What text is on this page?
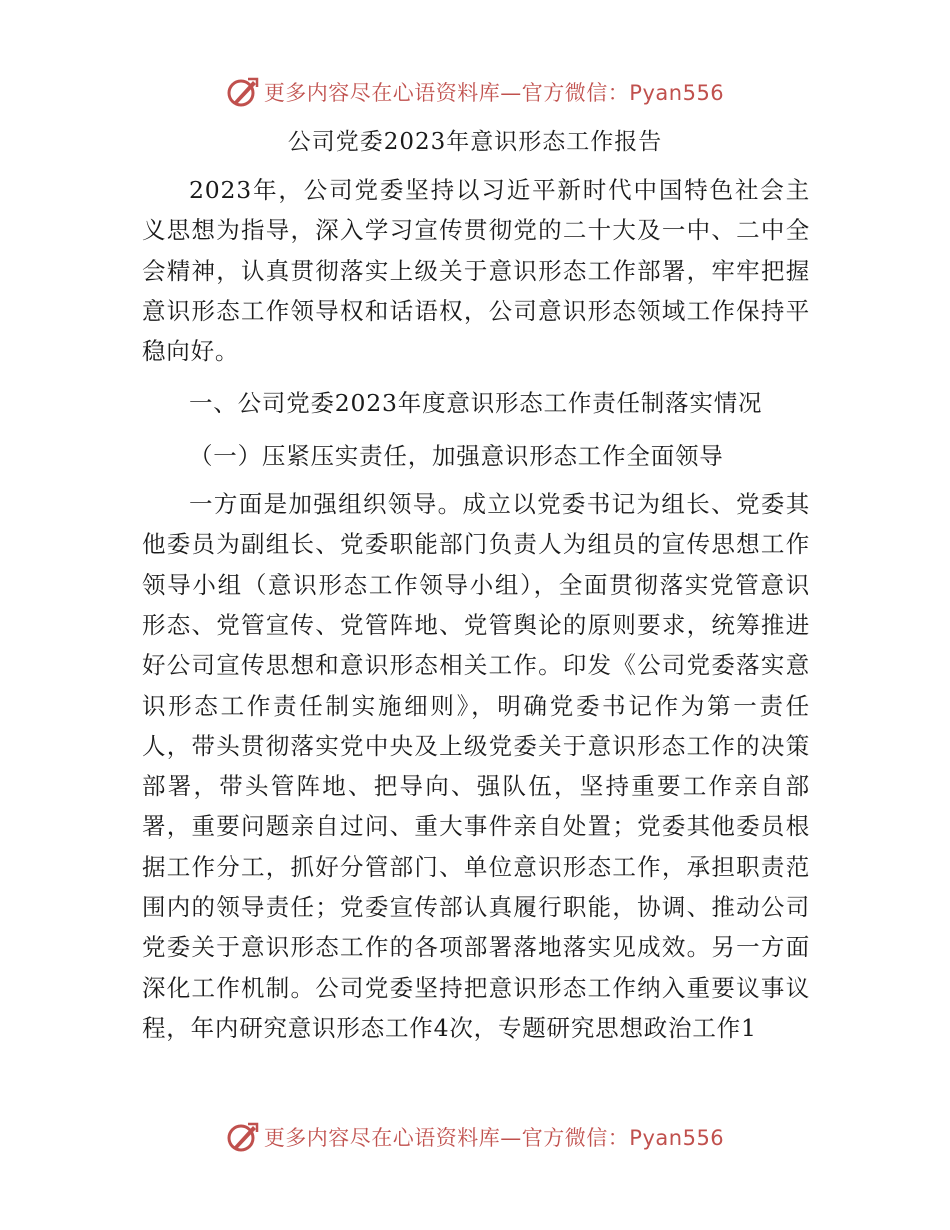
更多内容尽在心语资料库—官方微信：Pyan556
公司党委2023年意识形态工作报告

2023年，公司党委坚持以习近平新时代中国特色社会主义思想为指导，深入学习宣传贯彻党的二十大及一中、二中全会精神，认真贯彻落实上级关于意识形态工作部署，牢牢把握意识形态工作领导权和话语权，公司意识形态领域工作保持平稳向好。

一、公司党委2023年度意识形态工作责任制落实情况

（一）压紧压实责任，加强意识形态工作全面领导

一方面是加强组织领导。成立以党委书记为组长、党委其他委员为副组长、党委职能部门负责人为组员的宣传思想工作领导小组（意识形态工作领导小组），全面贯彻落实党管意识形态、党管宣传、党管阵地、党管舆论的原则要求，统筹推进好公司宣传思想和意识形态相关工作。印发《公司党委落实意识形态工作责任制实施细则》，明确党委书记作为第一责任人，带头贯彻落实党中央及上级党委关于意识形态工作的决策部署，带头管阵地、把导向、强队伍，坚持重要工作亲自部署，重要问题亲自过问、重大事件亲自处置；党委其他委员根据工作分工，抓好分管部门、单位意识形态工作，承担职责范围内的领导责任；党委宣传部认真履行职能，协调、推动公司党委关于意识形态工作的各项部署落地落实见成效。另一方面深化工作机制。公司党委坚持把意识形态工作纳入重要议事议程，年内研究意识形态工作4次，专题研究思想政治工作1

更多内容尽在心语资料库—官方微信：Pyan556
